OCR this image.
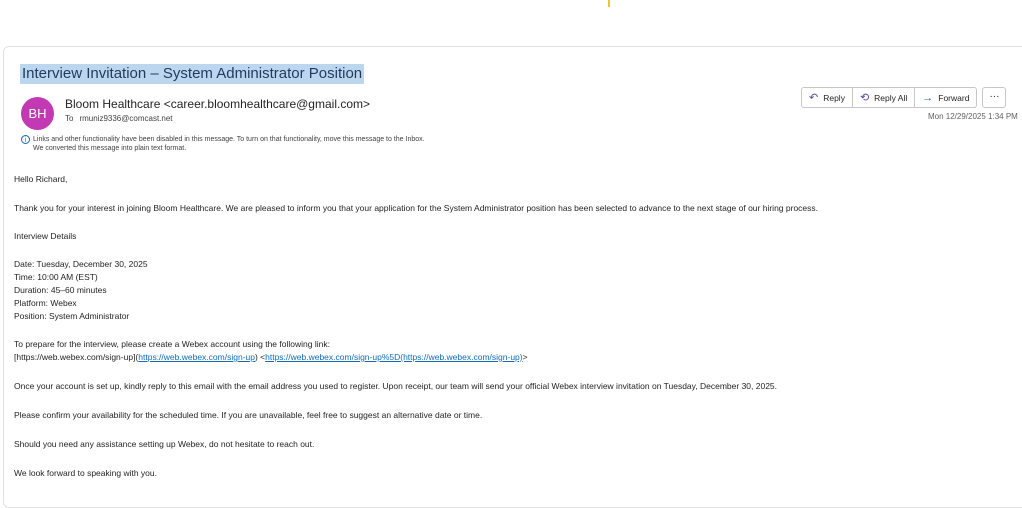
Interview Invitation – System Administrator Position
BH
Bloom Healthcare <career.bloomhealthcare@gmail.com>
To rmuniz9336@comcast.net
i Links and other functionality have been disabled in this message. To turn on that functionality, move this message to the Inbox.
We converted this message into plain text format.
↶ Reply ⟲ Reply All → Forward	···
Mon 12/29/2025 1:34 PM
Hello Richard,
Thank you for your interest in joining Bloom Healthcare. We are pleased to inform you that your application for the System Administrator position has been selected to advance to the next stage of our hiring process.
Interview Details
Date: Tuesday, December 30, 2025
Time: 10:00 AM (EST)
Duration: 45–60 minutes
Platform: Webex
Position: System Administrator
To prepare for the interview, please create a Webex account using the following link:
[https://web.webex.com/sign-up](https://web.webex.com/sign-up) <https://web.webex.com/sign-up%5D(https://web.webex.com/sign-up)>
Once your account is set up, kindly reply to this email with the email address you used to register. Upon receipt, our team will send your official Webex interview invitation on Tuesday, December 30, 2025.
Please confirm your availability for the scheduled time. If you are unavailable, feel free to suggest an alternative date or time.
Should you need any assistance setting up Webex, do not hesitate to reach out.
We look forward to speaking with you.
